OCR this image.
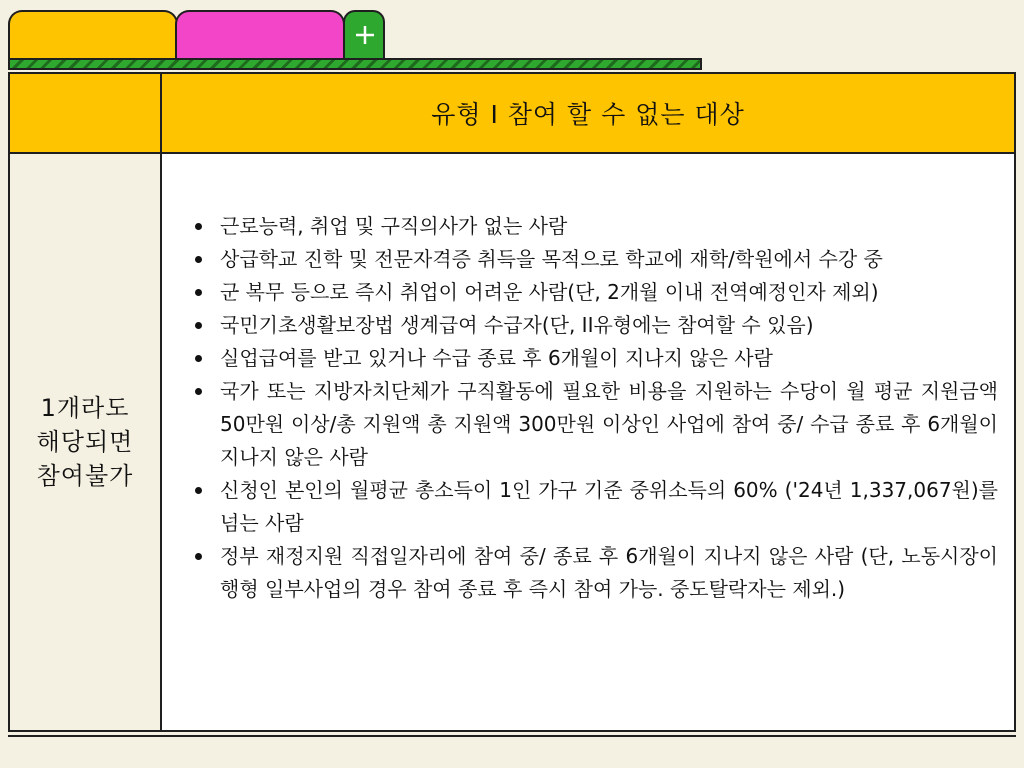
유형 I 참여 할 수 없는 대상
1개라도 해당되면 참여불가
근로능력, 취업 및 구직의사가 없는 사람
상급학교 진학 및 전문자격증 취득을 목적으로 학교에 재학/학원에서 수강 중
군 복무 등으로 즉시 취업이 어려운 사람(단, 2개월 이내 전역예정인자 제외)
국민기초생활보장법 생계급여 수급자(단, II유형에는 참여할 수 있음)
실업급여를 받고 있거나 수급 종료 후 6개월이 지나지 않은 사람
국가 또는 지방자치단체가 구직활동에 필요한 비용을 지원하는 수당이 월 평균 지원금액 50만원 이상/총 지원액 총 지원액 300만원 이상인 사업에 참여 중/ 수급 종료 후 6개월이 지나지 않은 사람
신청인 본인의 월평균 총소득이 1인 가구 기준 중위소득의 60% ('24년 1,337,067원)를 넘는 사람
정부 재정지원 직접일자리에 참여 중/ 종료 후 6개월이 지나지 않은 사람 (단, 노동시장이행형 일부사업의 경우 참여 종료 후 즉시 참여 가능. 중도탈락자는 제외.)
